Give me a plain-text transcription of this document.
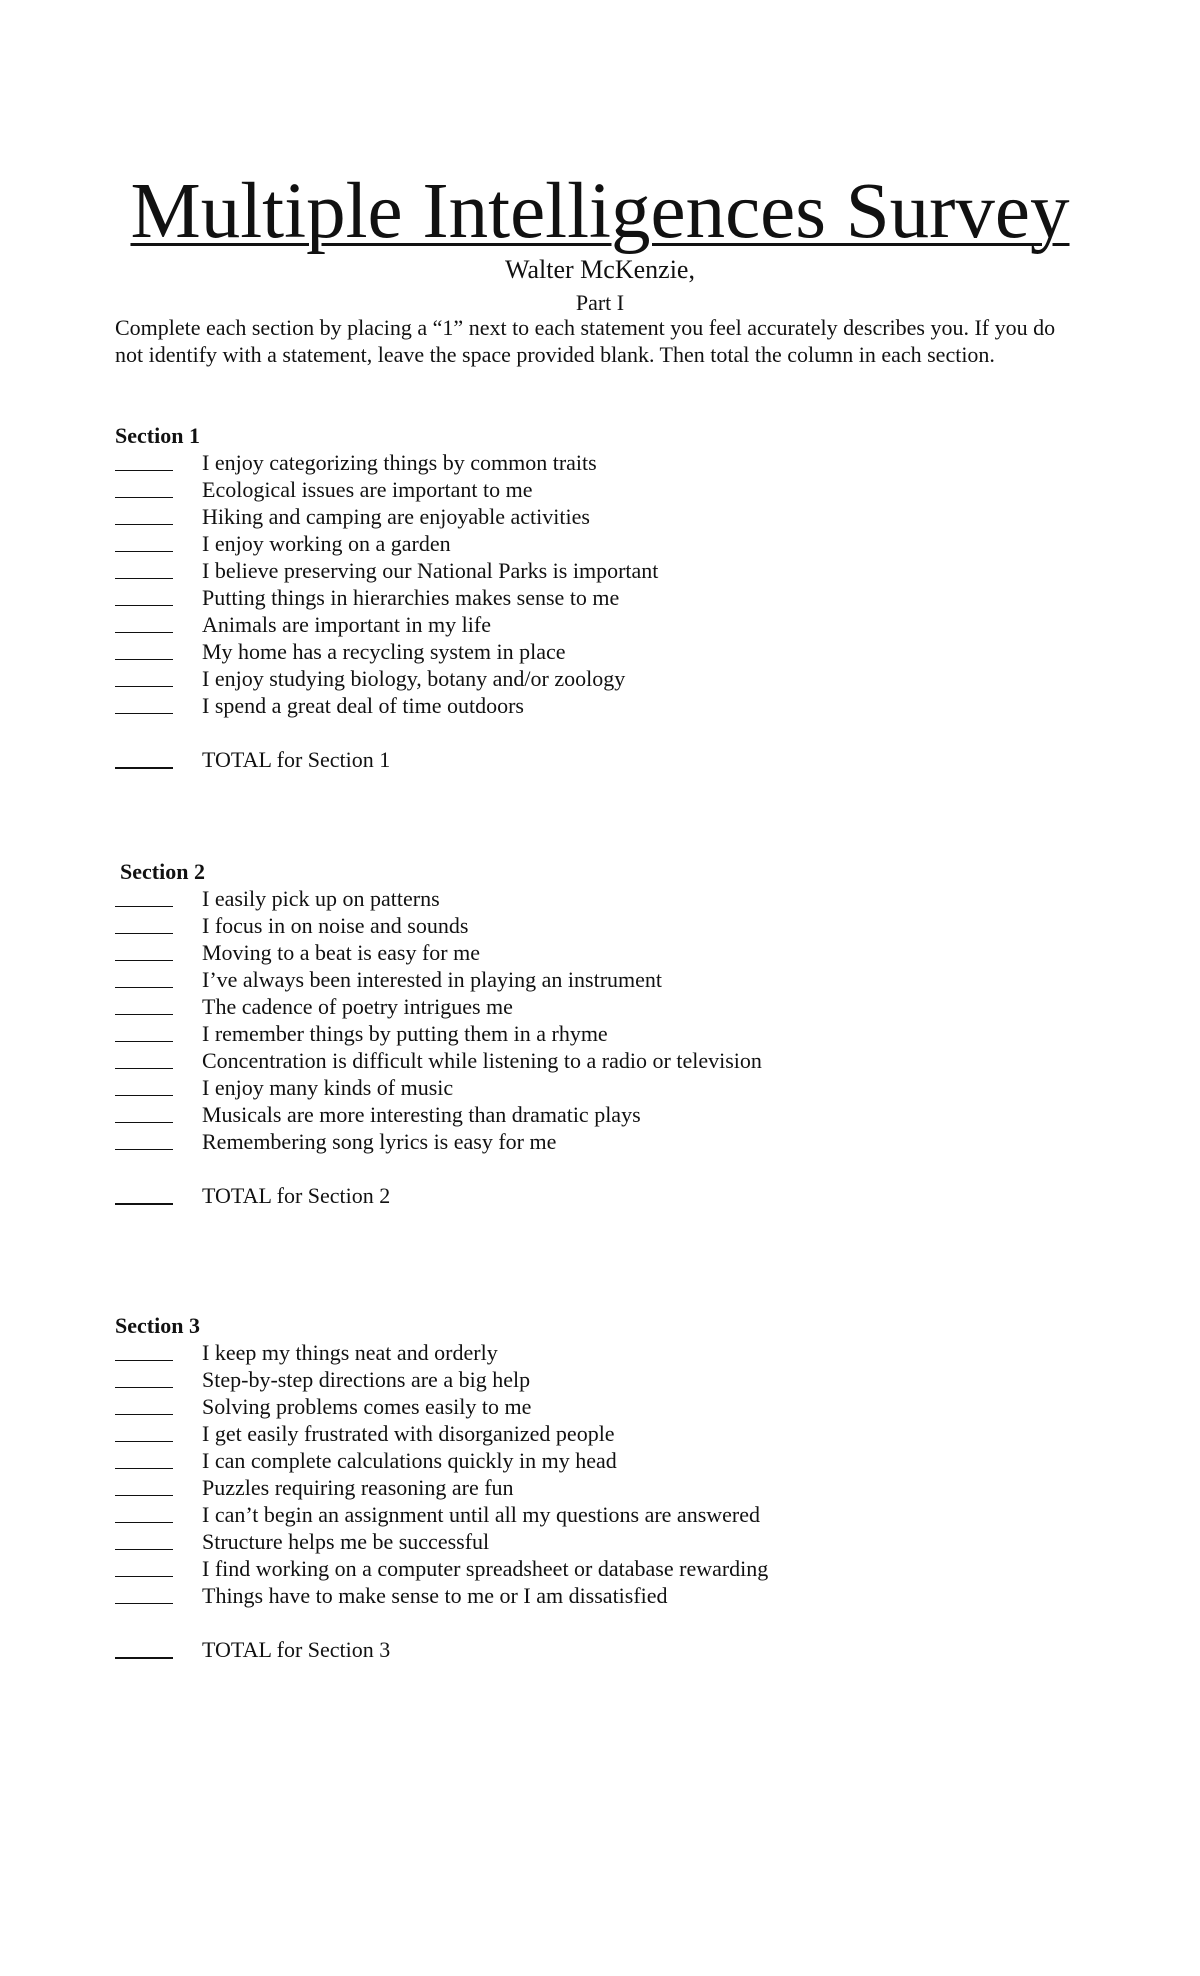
Multiple Intelligences Survey
Walter McKenzie,
Part I
Complete each section by placing a “1” next to each statement you feel accurately describes you. If you do not identify with a statement, leave the space provided blank. Then total the column in each section.
Section 1
I enjoy categorizing things by common traits
Ecological issues are important to me
Hiking and camping are enjoyable activities
I enjoy working on a garden
I believe preserving our National Parks is important
Putting things in hierarchies makes sense to me
Animals are important in my life
My home has a recycling system in place
I enjoy studying biology, botany and/or zoology
I spend a great deal of time outdoors
TOTAL for Section 1
Section 2
I easily pick up on patterns
I focus in on noise and sounds
Moving to a beat is easy for me
I’ve always been interested in playing an instrument
The cadence of poetry intrigues me
I remember things by putting them in a rhyme
Concentration is difficult while listening to a radio or television
I enjoy many kinds of music
Musicals are more interesting than dramatic plays
Remembering song lyrics is easy for me
TOTAL for Section 2
Section 3
I keep my things neat and orderly
Step-by-step directions are a big help
Solving problems comes easily to me
I get easily frustrated with disorganized people
I can complete calculations quickly in my head
Puzzles requiring reasoning are fun
I can’t begin an assignment until all my questions are answered
Structure helps me be successful
I find working on a computer spreadsheet or database rewarding
Things have to make sense to me or I am dissatisfied
TOTAL for Section 3
